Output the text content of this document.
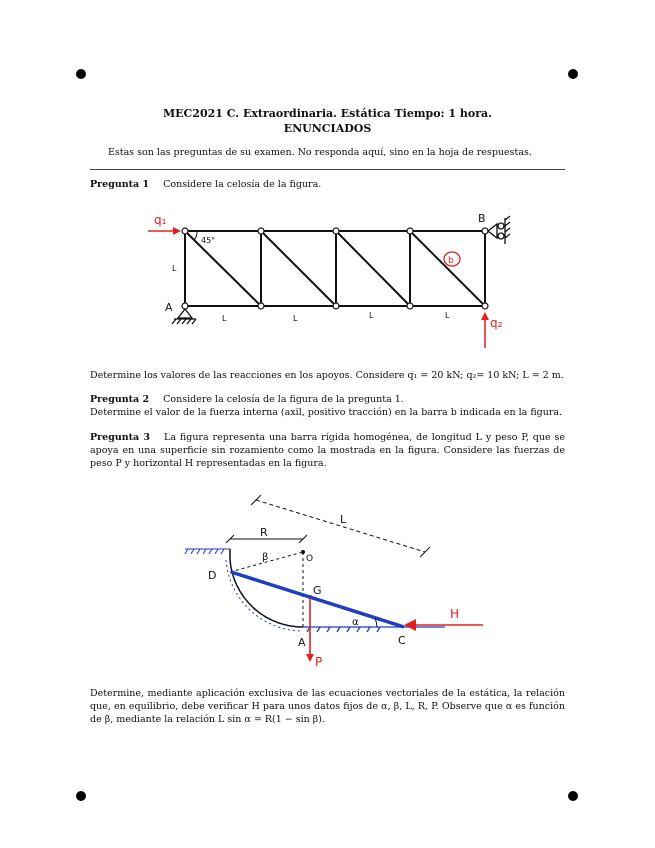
MEC2021 C. Extraordinaria. Estática Tiempo: 1 hora.
ENUNCIADOS
Estas son las preguntas de su examen. No responda aquí, sino en la hoja de respuestas.
Pregunta 1 Considere la celosía de la figura.
q₁
q₂
A
B
b
45°
L
L	L	L	L
Determine los valores de las reacciones en los apoyos. Considere q₁ = 20 kN; q₂= 10 kN; L = 2 m.
Pregunta 2 Considere la celosía de la figura de la pregunta 1.
Determine el valor de la fuerza interna (axil, positivo tracción) en la barra b indicada en la figura.
Pregunta 3 La figura representa una barra rígida homogénea, de longitud L y peso P, que se apoya en una superficie sin rozamiento como la mostrada en la figura. Considere las fuerzas de peso P y horizontal H representadas en la figura.
L
R
β	O
D
G
α
A	C
H
P
Determine, mediante aplicación exclusiva de las ecuaciones vectoriales de la estática, la relación que, en equilibrio, debe verificar H para unos datos fijos de α, β, L, R, P. Observe que α es función de β, mediante la relación L sin α = R(1 − sin β).
